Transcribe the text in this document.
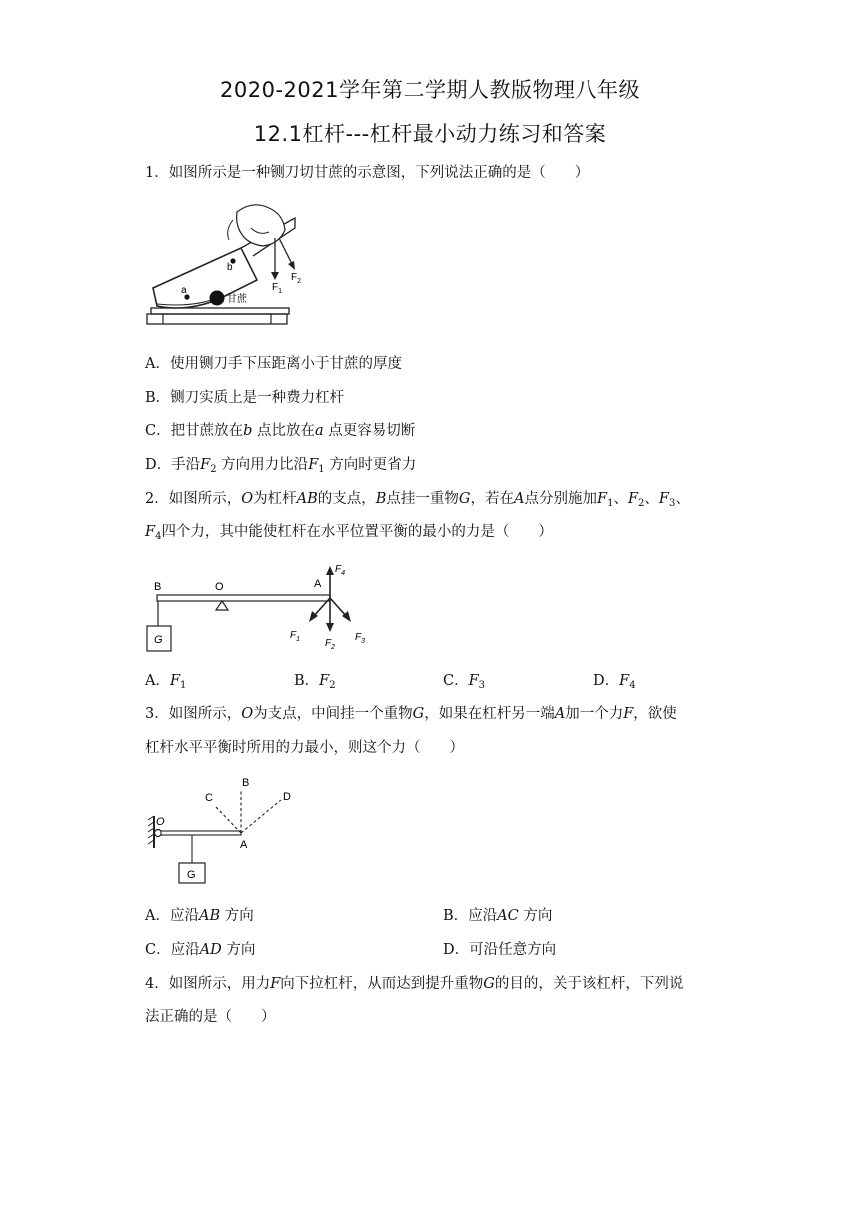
2020-2021学年第二学期人教版物理八年级
12.1杠杆---杠杆最小动力练习和答案
1．如图所示是一种铡刀切甘蔗的示意图，下列说法正确的是（　　）
a
b
甘蔗
$F_1$
$F_2$
A．使用铡刀手下压距离小于甘蔗的厚度
B．铡刀实质上是一种费力杠杆
C．把甘蔗放在b 点比放在a 点更容易切断
D．手沿$F_2$ 方向用力比沿$F_1$ 方向时更省力
2．如图所示，O为杠杆AB的支点，B点挂一重物G，若在A点分别施加$F_1$、$F_2$、$F_3$、
$F_4$四个力，其中能使杠杆在水平位置平衡的最小的力是（　　）
B	O	A
G
$F_4$
$F_1$ $F_2$
$F_3$
A．$F_1$	B．$F_2$	C．$F_3$	D．$F_4$
3．如图所示，O为支点，中间挂一个重物G，如果在杠杆另一端A加一个力F，欲使
杠杆水平平衡时所用的力最小，则这个力（　　）
O
G
A
B
C	D
A．应沿AB 方向	B．应沿AC 方向
C．应沿AD 方向	D．可沿任意方向
4．如图所示，用力F向下拉杠杆，从而达到提升重物G的目的，关于该杠杆，下列说
法正确的是（　　）
